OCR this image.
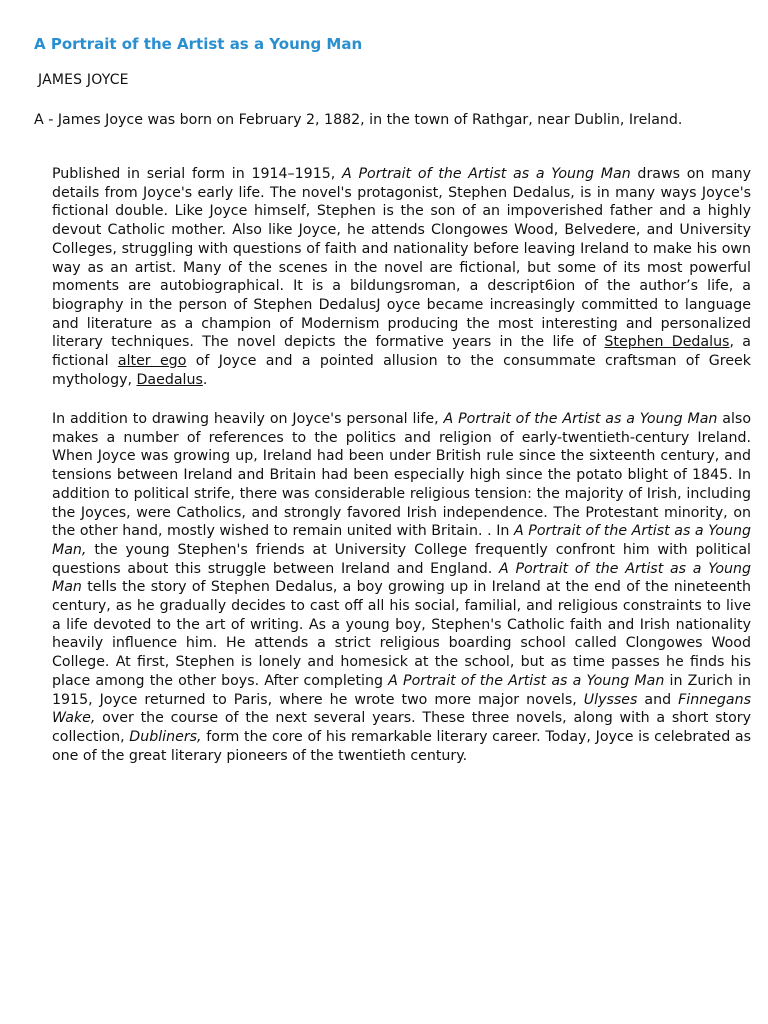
A Portrait of the Artist as a Young Man

JAMES JOYCE

A - James Joyce was born on February 2, 1882, in the town of Rathgar, near Dublin, Ireland.

Published in serial form in 1914–1915, A Portrait of the Artist as a Young Man draws on many details from Joyce's early life. The novel's protagonist, Stephen Dedalus, is in many ways Joyce's fictional double. Like Joyce himself, Stephen is the son of an impoverished father and a highly devout Catholic mother. Also like Joyce, he attends Clongowes Wood, Belvedere, and University Colleges, struggling with questions of faith and nationality before leaving Ireland to make his own way as an artist. Many of the scenes in the novel are fictional, but some of its most powerful moments are autobiographical. It is a bildungsroman, a descript6ion of the author’s life, a biography in the person of Stephen DedalusJ oyce became increasingly committed to language and literature as a champion of Modernism producing the most interesting and personalized literary techniques. The novel depicts the formative years in the life of Stephen Dedalus, a fictional alter ego of Joyce and a pointed allusion to the consummate craftsman of Greek mythology, Daedalus.

In addition to drawing heavily on Joyce's personal life, A Portrait of the Artist as a Young Man also makes a number of references to the politics and religion of early-twentieth-century Ireland. When Joyce was growing up, Ireland had been under British rule since the sixteenth century, and tensions between Ireland and Britain had been especially high since the potato blight of 1845. In addition to political strife, there was considerable religious tension: the majority of Irish, including the Joyces, were Catholics, and strongly favored Irish independence. The Protestant minority, on the other hand, mostly wished to remain united with Britain. . In A Portrait of the Artist as a Young Man, the young Stephen's friends at University College frequently confront him with political questions about this struggle between Ireland and England. A Portrait of the Artist as a Young Man tells the story of Stephen Dedalus, a boy growing up in Ireland at the end of the nineteenth century, as he gradually decides to cast off all his social, familial, and religious constraints to live a life devoted to the art of writing. As a young boy, Stephen's Catholic faith and Irish nationality heavily influence him. He attends a strict religious boarding school called Clongowes Wood College. At first, Stephen is lonely and homesick at the school, but as time passes he finds his place among the other boys. After completing A Portrait of the Artist as a Young Man in Zurich in 1915, Joyce returned to Paris, where he wrote two more major novels, Ulysses and Finnegans Wake, over the course of the next several years. These three novels, along with a short story collection, Dubliners, form the core of his remarkable literary career. Today, Joyce is celebrated as one of the great literary pioneers of the twentieth century.
